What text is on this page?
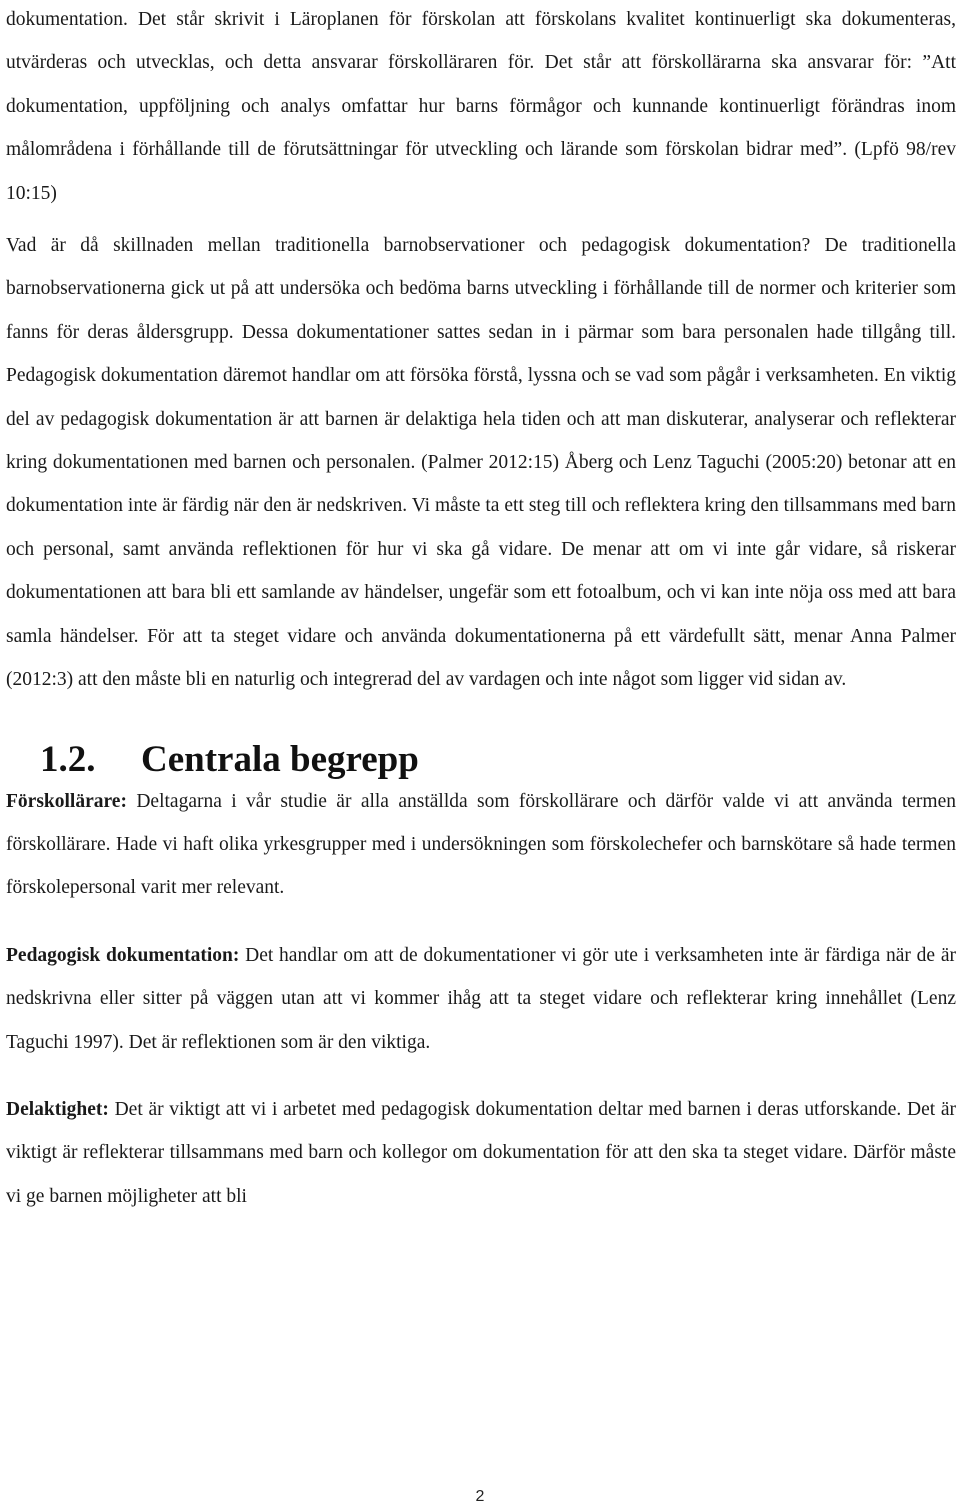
dokumentation. Det står skrivit i Läroplanen för förskolan att förskolans kvalitet kontinuerligt ska dokumenteras, utvärderas och utvecklas, och detta ansvarar förskolläraren för. Det står att förskollärarna ska ansvarar för: ”Att dokumentation, uppföljning och analys omfattar hur barns förmågor och kunnande kontinuerligt förändras inom målområdena i förhållande till de förutsättningar för utveckling och lärande som förskolan bidrar med”. (Lpfö 98/rev 10:15)

Vad är då skillnaden mellan traditionella barnobservationer och pedagogisk dokumentation? De traditionella barnobservationerna gick ut på att undersöka och bedöma barns utveckling i förhållande till de normer och kriterier som fanns för deras åldersgrupp. Dessa dokumentationer sattes sedan in i pärmar som bara personalen hade tillgång till. Pedagogisk dokumentation däremot handlar om att försöka förstå, lyssna och se vad som pågår i verksamheten. En viktig del av pedagogisk dokumentation är att barnen är delaktiga hela tiden och att man diskuterar, analyserar och reflekterar kring dokumentationen med barnen och personalen. (Palmer 2012:15) Åberg och Lenz Taguchi (2005:20) betonar att en dokumentation inte är färdig när den är nedskriven. Vi måste ta ett steg till och reflektera kring den tillsammans med barn och personal, samt använda reflektionen för hur vi ska gå vidare. De menar att om vi inte går vidare, så riskerar dokumentationen att bara bli ett samlande av händelser, ungefär som ett fotoalbum, och vi kan inte nöja oss med att bara samla händelser. För att ta steget vidare och använda dokumentationerna på ett värdefullt sätt, menar Anna Palmer (2012:3) att den måste bli en naturlig och integrerad del av vardagen och inte något som ligger vid sidan av.

1.2.	Centrala begrepp

Förskollärare: Deltagarna i vår studie är alla anställda som förskollärare och därför valde vi att använda termen förskollärare. Hade vi haft olika yrkesgrupper med i undersökningen som förskolechefer och barnskötare så hade termen förskolepersonal varit mer relevant.

Pedagogisk dokumentation: Det handlar om att de dokumentationer vi gör ute i verksamheten inte är färdiga när de är nedskrivna eller sitter på väggen utan att vi kommer ihåg att ta steget vidare och reflekterar kring innehållet (Lenz Taguchi 1997). Det är reflektionen som är den viktiga.

Delaktighet: Det är viktigt att vi i arbetet med pedagogisk dokumentation deltar med barnen i deras utforskande. Det är viktigt är reflekterar tillsammans med barn och kollegor om dokumentation för att den ska ta steget vidare. Därför måste vi ge barnen möjligheter att bli

2
